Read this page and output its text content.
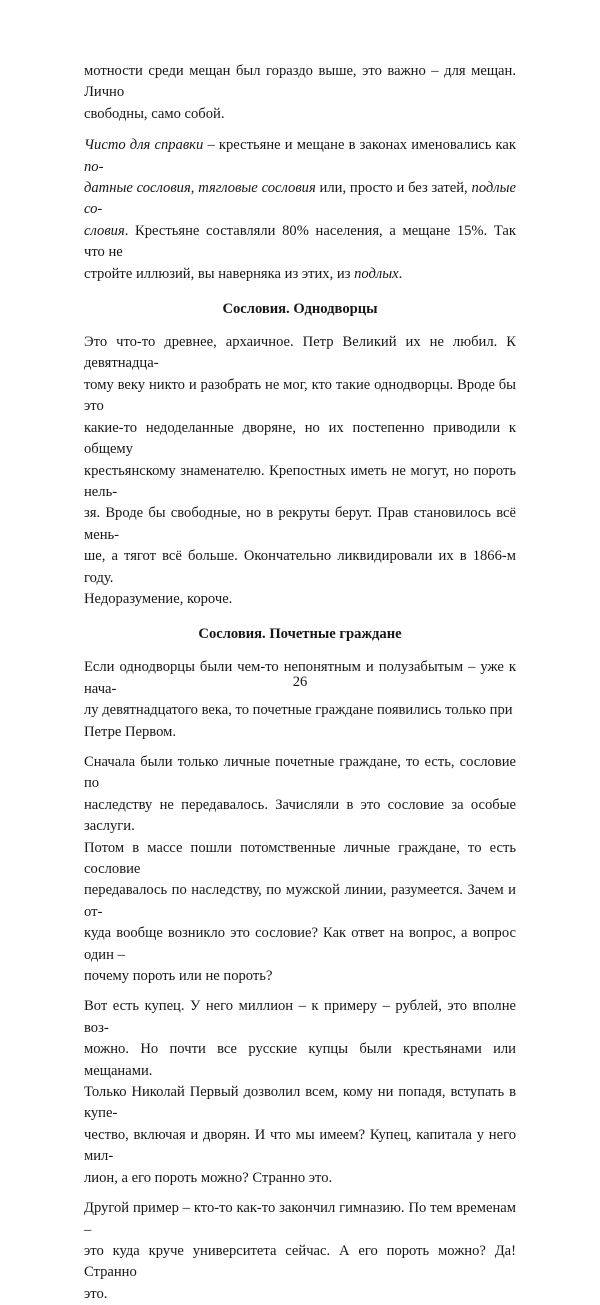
мотности среди мещан был гораздо выше, это важно – для мещан. Лично
свободны, само собой.
Чисто для справки – крестьяне и мещане в законах именовались как по-
датные сословия, тягловые сословия или, просто и без затей, подлые со-
словия. Крестьяне составляли 80% населения, а мещане 15%. Так что не
стройте иллюзий, вы наверняка из этих, из подлых.
Сословия. Однодворцы
Это что-то древнее, архаичное. Петр Великий их не любил. К девятнадцa-
тому веку никто и разобрать не мог, кто такие однодворцы. Вроде бы это
какие-то недоделанные дворяне, но их постепенно приводили к общему
крестьянскому знаменателю. Крепостных иметь не могут, но пороть нель-
зя. Вроде бы свободные, но в рекруты берут. Прав становилось всё мень-
ше, а тягот всё больше. Окончательно ликвидировали их в 1866-м году.
Недоразумение, короче.
Сословия. Почетные граждане
Если однодворцы были чем-то непонятным и полузабытым – уже к нача-
лу девятнадцатого века, то почетные граждане появились только при
Петре Первом.
Сначала были только личные почетные граждане, то есть, сословие по
наследству не передавалось. Зачисляли в это сословие за особые заслуги.
Потом в массе пошли потомственные личные граждане, то есть сословие
передавалось по наследству, по мужской линии, разумеется. Зачем и от-
куда вообще возникло это сословие? Как ответ на вопрос, а вопрос один –
почему пороть или не пороть?
Вот есть купец. У него миллион – к примеру – рублей, это вполне воз-
можно. Но почти все русские купцы были крестьянами или мещанами.
Только Николай Первый дозволил всем, кому ни попадя, вступать в купе-
чество, включая и дворян. И что мы имеем? Купец, капитала у него мил-
лион, а его пороть можно? Странно это.
Другой пример – кто-то как-то закончил гимназию. По тем временам –
это куда круче университета сейчас. А его пороть можно? Да! Странно
это.
26
